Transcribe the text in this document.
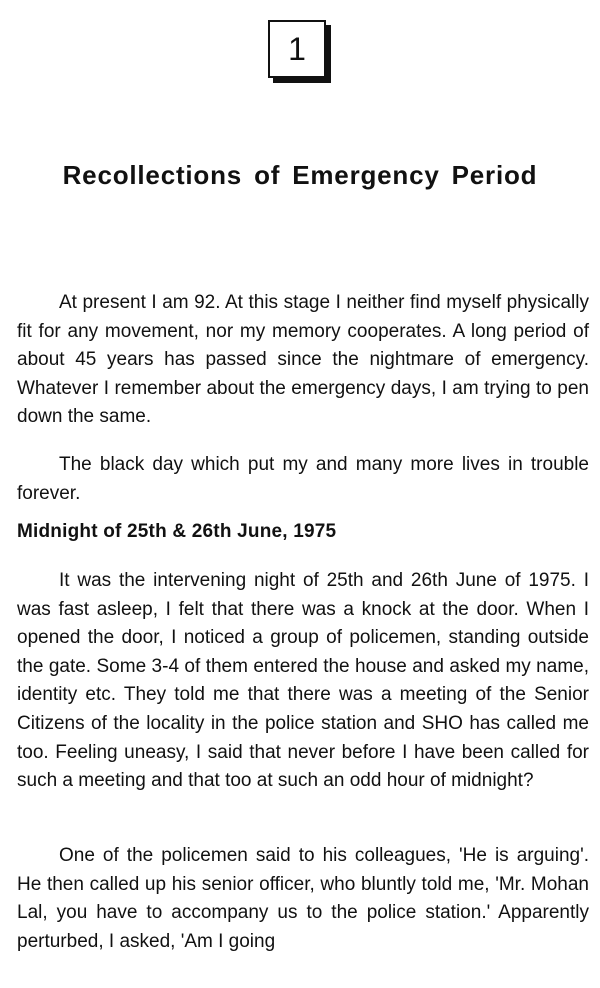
1
Recollections of Emergency Period

At present I am 92. At this stage I neither find myself physically fit for any movement, nor my memory cooperates. A long period of about 45 years has passed since the nightmare of emergency. Whatever I remember about the emergency days, I am trying to pen down the same.

The black day which put my and many more lives in trouble forever.

Midnight of 25th & 26th June, 1975

It was the intervening night of 25th and 26th June of 1975. I was fast asleep, I felt that there was a knock at the door. When I opened the door, I noticed a group of policemen, standing outside the gate. Some 3-4 of them entered the house and asked my name, identity etc. They told me that there was a meeting of the Senior Citizens of the locality in the police station and SHO has called me too. Feeling uneasy, I said that never before I have been called for such a meeting and that too at such an odd hour of midnight?

One of the policemen said to his colleagues, 'He is arguing'. He then called up his senior officer, who bluntly told me, 'Mr. Mohan Lal, you have to accompany us to the police station.' Apparently perturbed, I asked, 'Am I going
